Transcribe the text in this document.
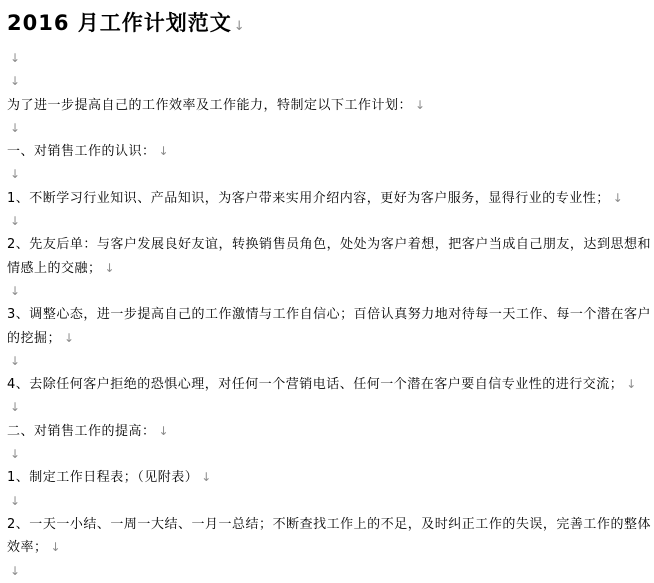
2016 月工作计划范文 ↓
↓
↓
为了进一步提高自己的工作效率及工作能力，特制定以下工作计划： ↓
↓
一、对销售工作的认识： ↓
↓
1、不断学习行业知识、产品知识，为客户带来实用介绍内容，更好为客户服务，显得行业的专业性； ↓
↓
2、先友后单：与客户发展良好友谊，转换销售员角色，处处为客户着想，把客户当成自己朋友，达到思想和情感上的交融； ↓
↓
3、调整心态，进一步提高自己的工作激情与工作自信心；百倍认真努力地对待每一天工作、每一个潜在客户的挖掘； ↓
↓
4、去除任何客户拒绝的恐惧心理，对任何一个营销电话、任何一个潜在客户要自信专业性的进行交流； ↓
↓
二、对销售工作的提高： ↓
↓
1、制定工作日程表；（见附表） ↓
↓
2、一天一小结、一周一大结、一月一总结；不断查找工作上的不足，及时纠正工作的失误，完善工作的整体效率； ↓
↓
